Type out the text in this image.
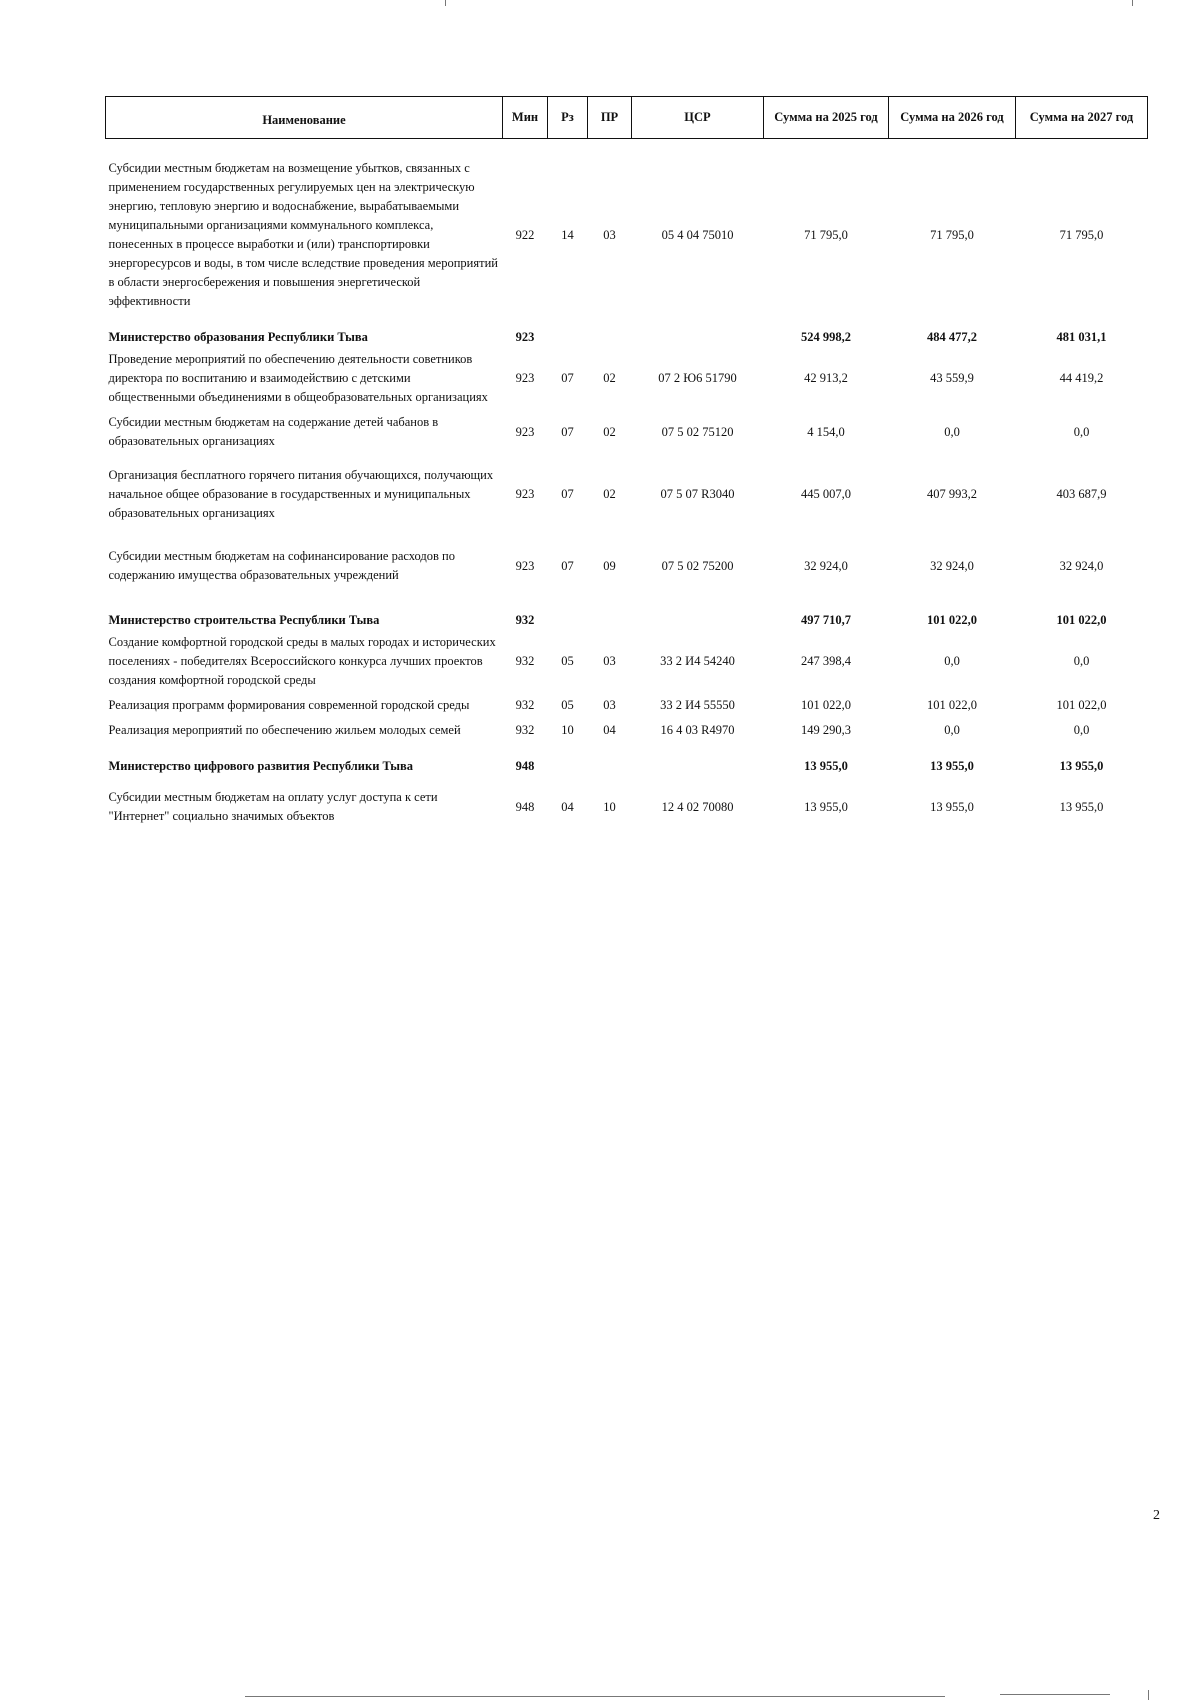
Наименование	Мин	Рз	ПР	ЦСР	Сумма на 2025 год	Сумма на 2026 год	Сумма на 2027 год
Субсидии местным бюджетам на возмещение убытков, связанных с применением государственных регулируемых цен на электрическую энергию, тепловую энергию и водоснабжение, вырабатываемыми муниципальными организациями коммунального комплекса, понесенных в процессе выработки и (или) транспортировки энергоресурсов и воды, в том числе вследствие проведения мероприятий в области энергосбережения и повышения энергетической эффективности	922	14	03	05 4 04 75010	71 795,0	71 795,0	71 795,0
Министерство образования Республики Тыва	923				524 998,2	484 477,2	481 031,1
Проведение мероприятий по обеспечению деятельности советников директора по воспитанию и взаимодействию с детскими общественными объединениями в общеобразовательных организациях	923	07	02	07 2 Ю6 51790	42 913,2	43 559,9	44 419,2
Субсидии местным бюджетам на содержание детей чабанов в образовательных организациях	923	07	02	07 5 02 75120	4 154,0	0,0	0,0
Организация бесплатного горячего питания обучающихся, получающих начальное общее образование в государственных и муниципальных образовательных организациях	923	07	02	07 5 07 R3040	445 007,0	407 993,2	403 687,9
Субсидии местным бюджетам на софинансирование расходов по содержанию имущества образовательных учреждений	923	07	09	07 5 02 75200	32 924,0	32 924,0	32 924,0
Министерство строительства Республики Тыва	932				497 710,7	101 022,0	101 022,0
Создание комфортной городской среды в малых городах и исторических поселениях - победителях Всероссийского конкурса лучших проектов создания комфортной городской среды	932	05	03	33 2 И4 54240	247 398,4	0,0	0,0
Реализация программ формирования современной городской среды	932	05	03	33 2 И4 55550	101 022,0	101 022,0	101 022,0
Реализация мероприятий по обеспечению жильем молодых семей	932	10	04	16 4 03 R4970	149 290,3	0,0	0,0
Министерство цифрового развития Республики Тыва	948				13 955,0	13 955,0	13 955,0
Субсидии местным бюджетам на оплату услуг доступа к сети "Интернет" социально значимых объектов	948	04	10	12 4 02 70080	13 955,0	13 955,0	13 955,0
2
